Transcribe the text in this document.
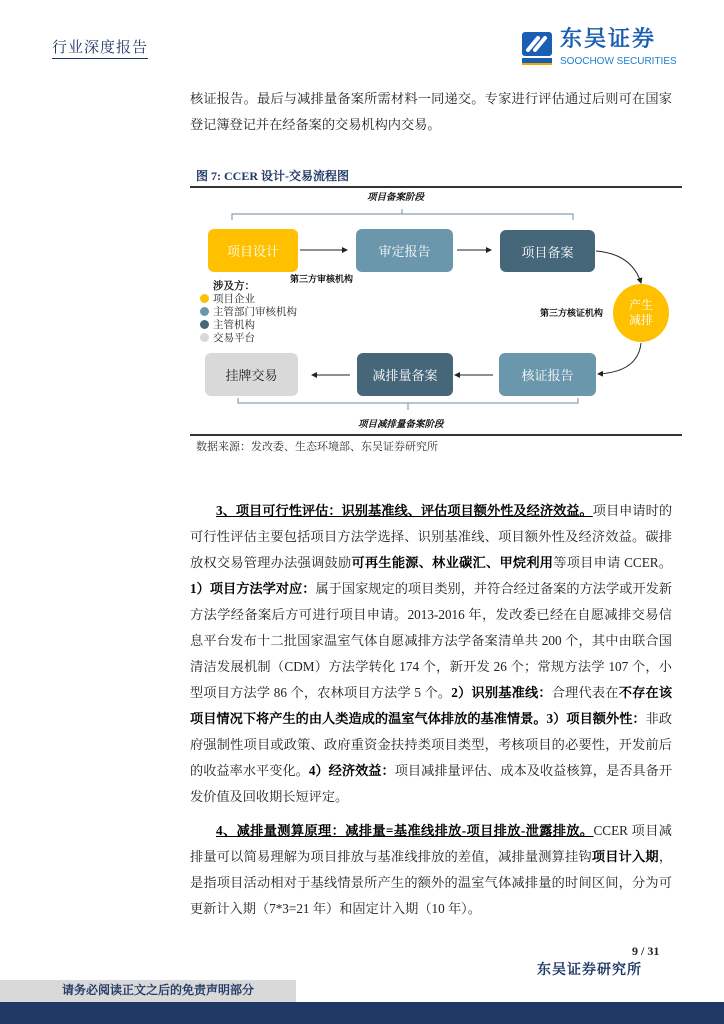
行业深度报告	东吴证券
SOOCHOW SECURITIES
核证报告。最后与减排量备案所需材料一同递交。专家进行评估通过后则可在国家登记簿登记并在经备案的交易机构内交易。
图 7: CCER 设计-交易流程图
项目备案阶段
项目设计	审定报告	项目备案
产生减排
第三方审核机构
第三方核证机构
涉及方：
项目企业
主管部门审核机构
主管机构
交易平台
挂牌交易	减排量备案	核证报告
项目减排量备案阶段
数据来源：发改委、生态环境部、东吴证券研究所

3、项目可行性评估：识别基准线、评估项目额外性及经济效益。项目申请时的可行性评估主要包括项目方法学选择、识别基准线、项目额外性及经济效益。碳排放权交易管理办法强调鼓励可再生能源、林业碳汇、甲烷利用等项目申请 CCER。1）项目方法学对应：属于国家规定的项目类别，并符合经过备案的方法学或开发新方法学经备案后方可进行项目申请。2013-2016 年，发改委已经在自愿减排交易信息平台发布十二批国家温室气体自愿减排方法学备案清单共 200 个，其中由联合国清洁发展机制（CDM）方法学转化 174 个，新开发 26 个；常规方法学 107 个，小型项目方法学 86 个，农林项目方法学 5 个。2）识别基准线：合理代表在不存在该项目情况下将产生的由人类造成的温室气体排放的基准情景。3）项目额外性：非政府强制性项目或政策、政府重资金扶持类项目类型，考核项目的必要性，开发前后的收益率水平变化。4）经济效益：项目减排量评估、成本及收益核算，是否具备开发价值及回收期长短评定。

4、减排量测算原理：减排量=基准线排放-项目排放-泄露排放。CCER 项目减排量可以简易理解为项目排放与基准线排放的差值，减排量测算挂钩项目计入期，是指项目活动相对于基线情景所产生的额外的温室气体减排量的时间区间，分为可更新计入期（7*3=21 年）和固定计入期（10 年）。

9 / 31
东吴证券研究所
请务必阅读正文之后的免责声明部分
